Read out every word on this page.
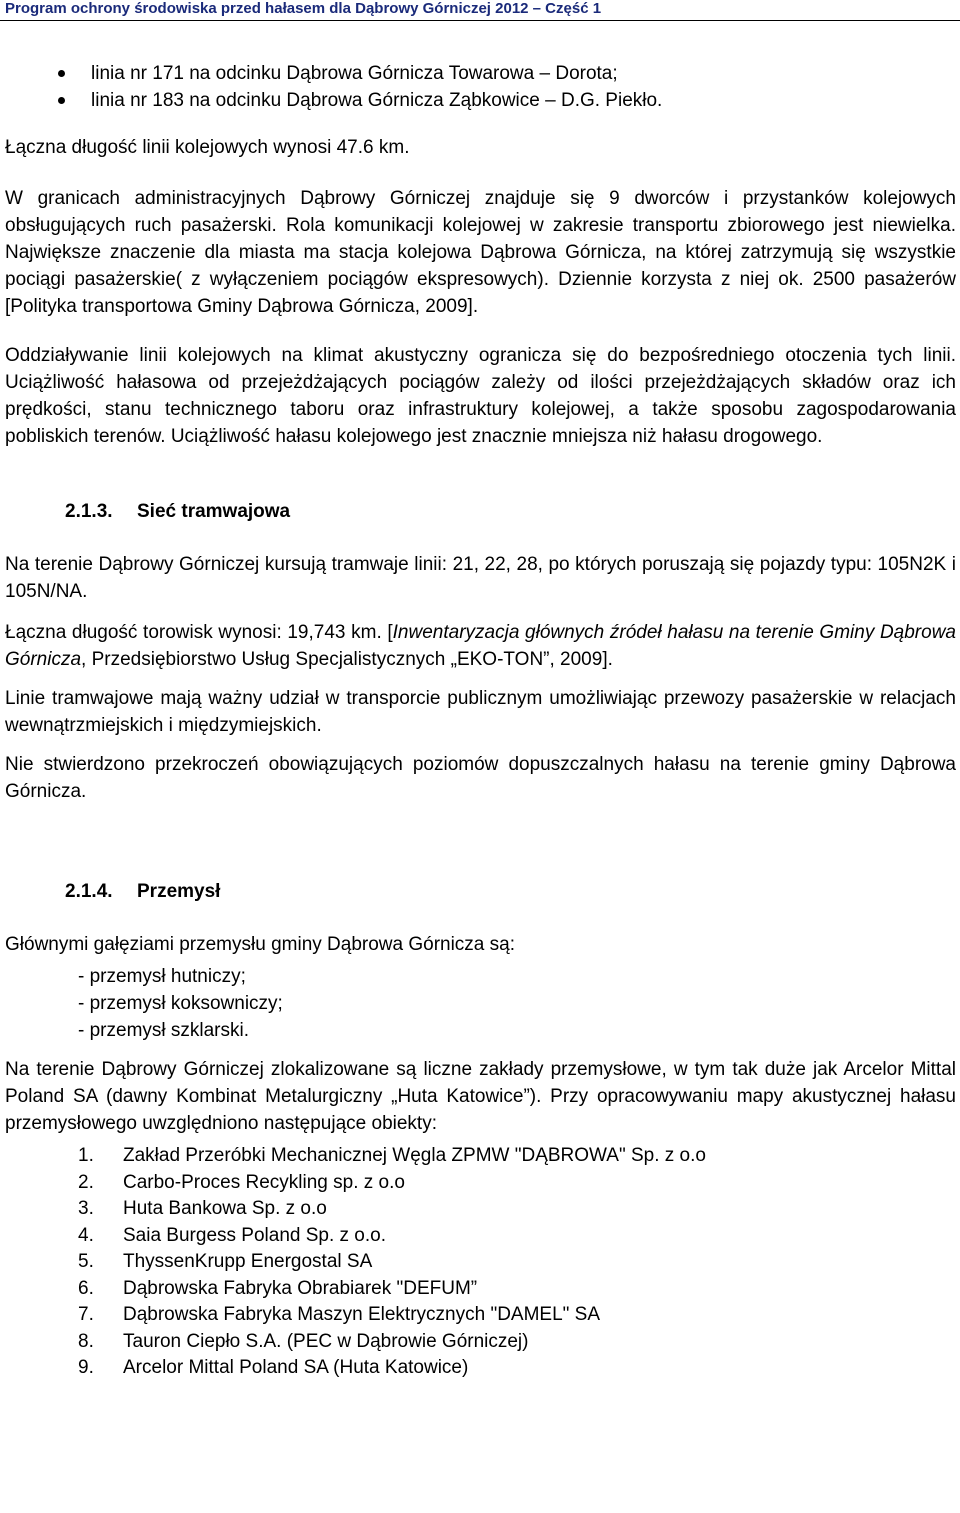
Program ochrony środowiska przed hałasem dla Dąbrowy Górniczej 2012 – Część 1
linia nr 171 na odcinku Dąbrowa Górnicza Towarowa – Dorota;
linia nr 183 na odcinku Dąbrowa Górnicza Ząbkowice – D.G. Piekło.

Łączna długość linii kolejowych wynosi 47.6 km.

W granicach administracyjnych Dąbrowy Górniczej znajduje się 9 dworców i przystanków kolejowych obsługujących ruch pasażerski. Rola komunikacji kolejowej w zakresie transportu zbiorowego jest niewielka. Największe znaczenie dla miasta ma stacja kolejowa Dąbrowa Górnicza, na której zatrzymują się wszystkie pociągi pasażerskie( z wyłączeniem pociągów ekspresowych). Dziennie korzysta z niej ok. 2500 pasażerów [Polityka transportowa Gminy Dąbrowa Górnicza, 2009].

Oddziaływanie linii kolejowych na klimat akustyczny ogranicza się do bezpośredniego otoczenia tych linii. Uciążliwość hałasowa od przejeżdżających pociągów zależy od ilości przejeżdżających składów oraz ich prędkości, stanu technicznego taboru oraz infrastruktury kolejowej, a także sposobu zagospodarowania pobliskich terenów. Uciążliwość hałasu kolejowego jest znacznie mniejsza niż hałasu drogowego.

2.1.3. Sieć tramwajowa

Na terenie Dąbrowy Górniczej kursują tramwaje linii: 21, 22, 28, po których poruszają się pojazdy typu: 105N2K i 105N/NA.

Łączna długość torowisk wynosi: 19,743 km. [Inwentaryzacja głównych źródeł hałasu na terenie Gminy Dąbrowa Górnicza, Przedsiębiorstwo Usług Specjalistycznych „EKO-TON”, 2009].

Linie tramwajowe mają ważny udział w transporcie publicznym umożliwiając przewozy pasażerskie w relacjach wewnątrzmiejskich i międzymiejskich.

Nie stwierdzono przekroczeń obowiązujących poziomów dopuszczalnych hałasu na terenie gminy Dąbrowa Górnicza.

2.1.4. Przemysł

Głównymi gałęziami przemysłu gminy Dąbrowa Górnicza są:

- przemysł hutniczy;
- przemysł koksowniczy;
- przemysł szklarski.

Na terenie Dąbrowy Górniczej zlokalizowane są liczne zakłady przemysłowe, w tym tak duże jak Arcelor Mittal Poland SA (dawny Kombinat Metalurgiczny „Huta Katowice”). Przy opracowywaniu mapy akustycznej hałasu przemysłowego uwzględniono następujące obiekty:

1. Zakład Przeróbki Mechanicznej Węgla ZPMW "DĄBROWA" Sp. z o.o
2. Carbo-Proces Recykling sp. z o.o
3. Huta Bankowa Sp. z o.o
4. Saia Burgess Poland Sp. z o.o.
5. ThyssenKrupp Energostal SA
6. Dąbrowska Fabryka Obrabiarek "DEFUM”
7. Dąbrowska Fabryka Maszyn Elektrycznych "DAMEL" SA
8. Tauron Ciepło S.A. (PEC w Dąbrowie Górniczej)
9. Arcelor Mittal Poland SA (Huta Katowice)
